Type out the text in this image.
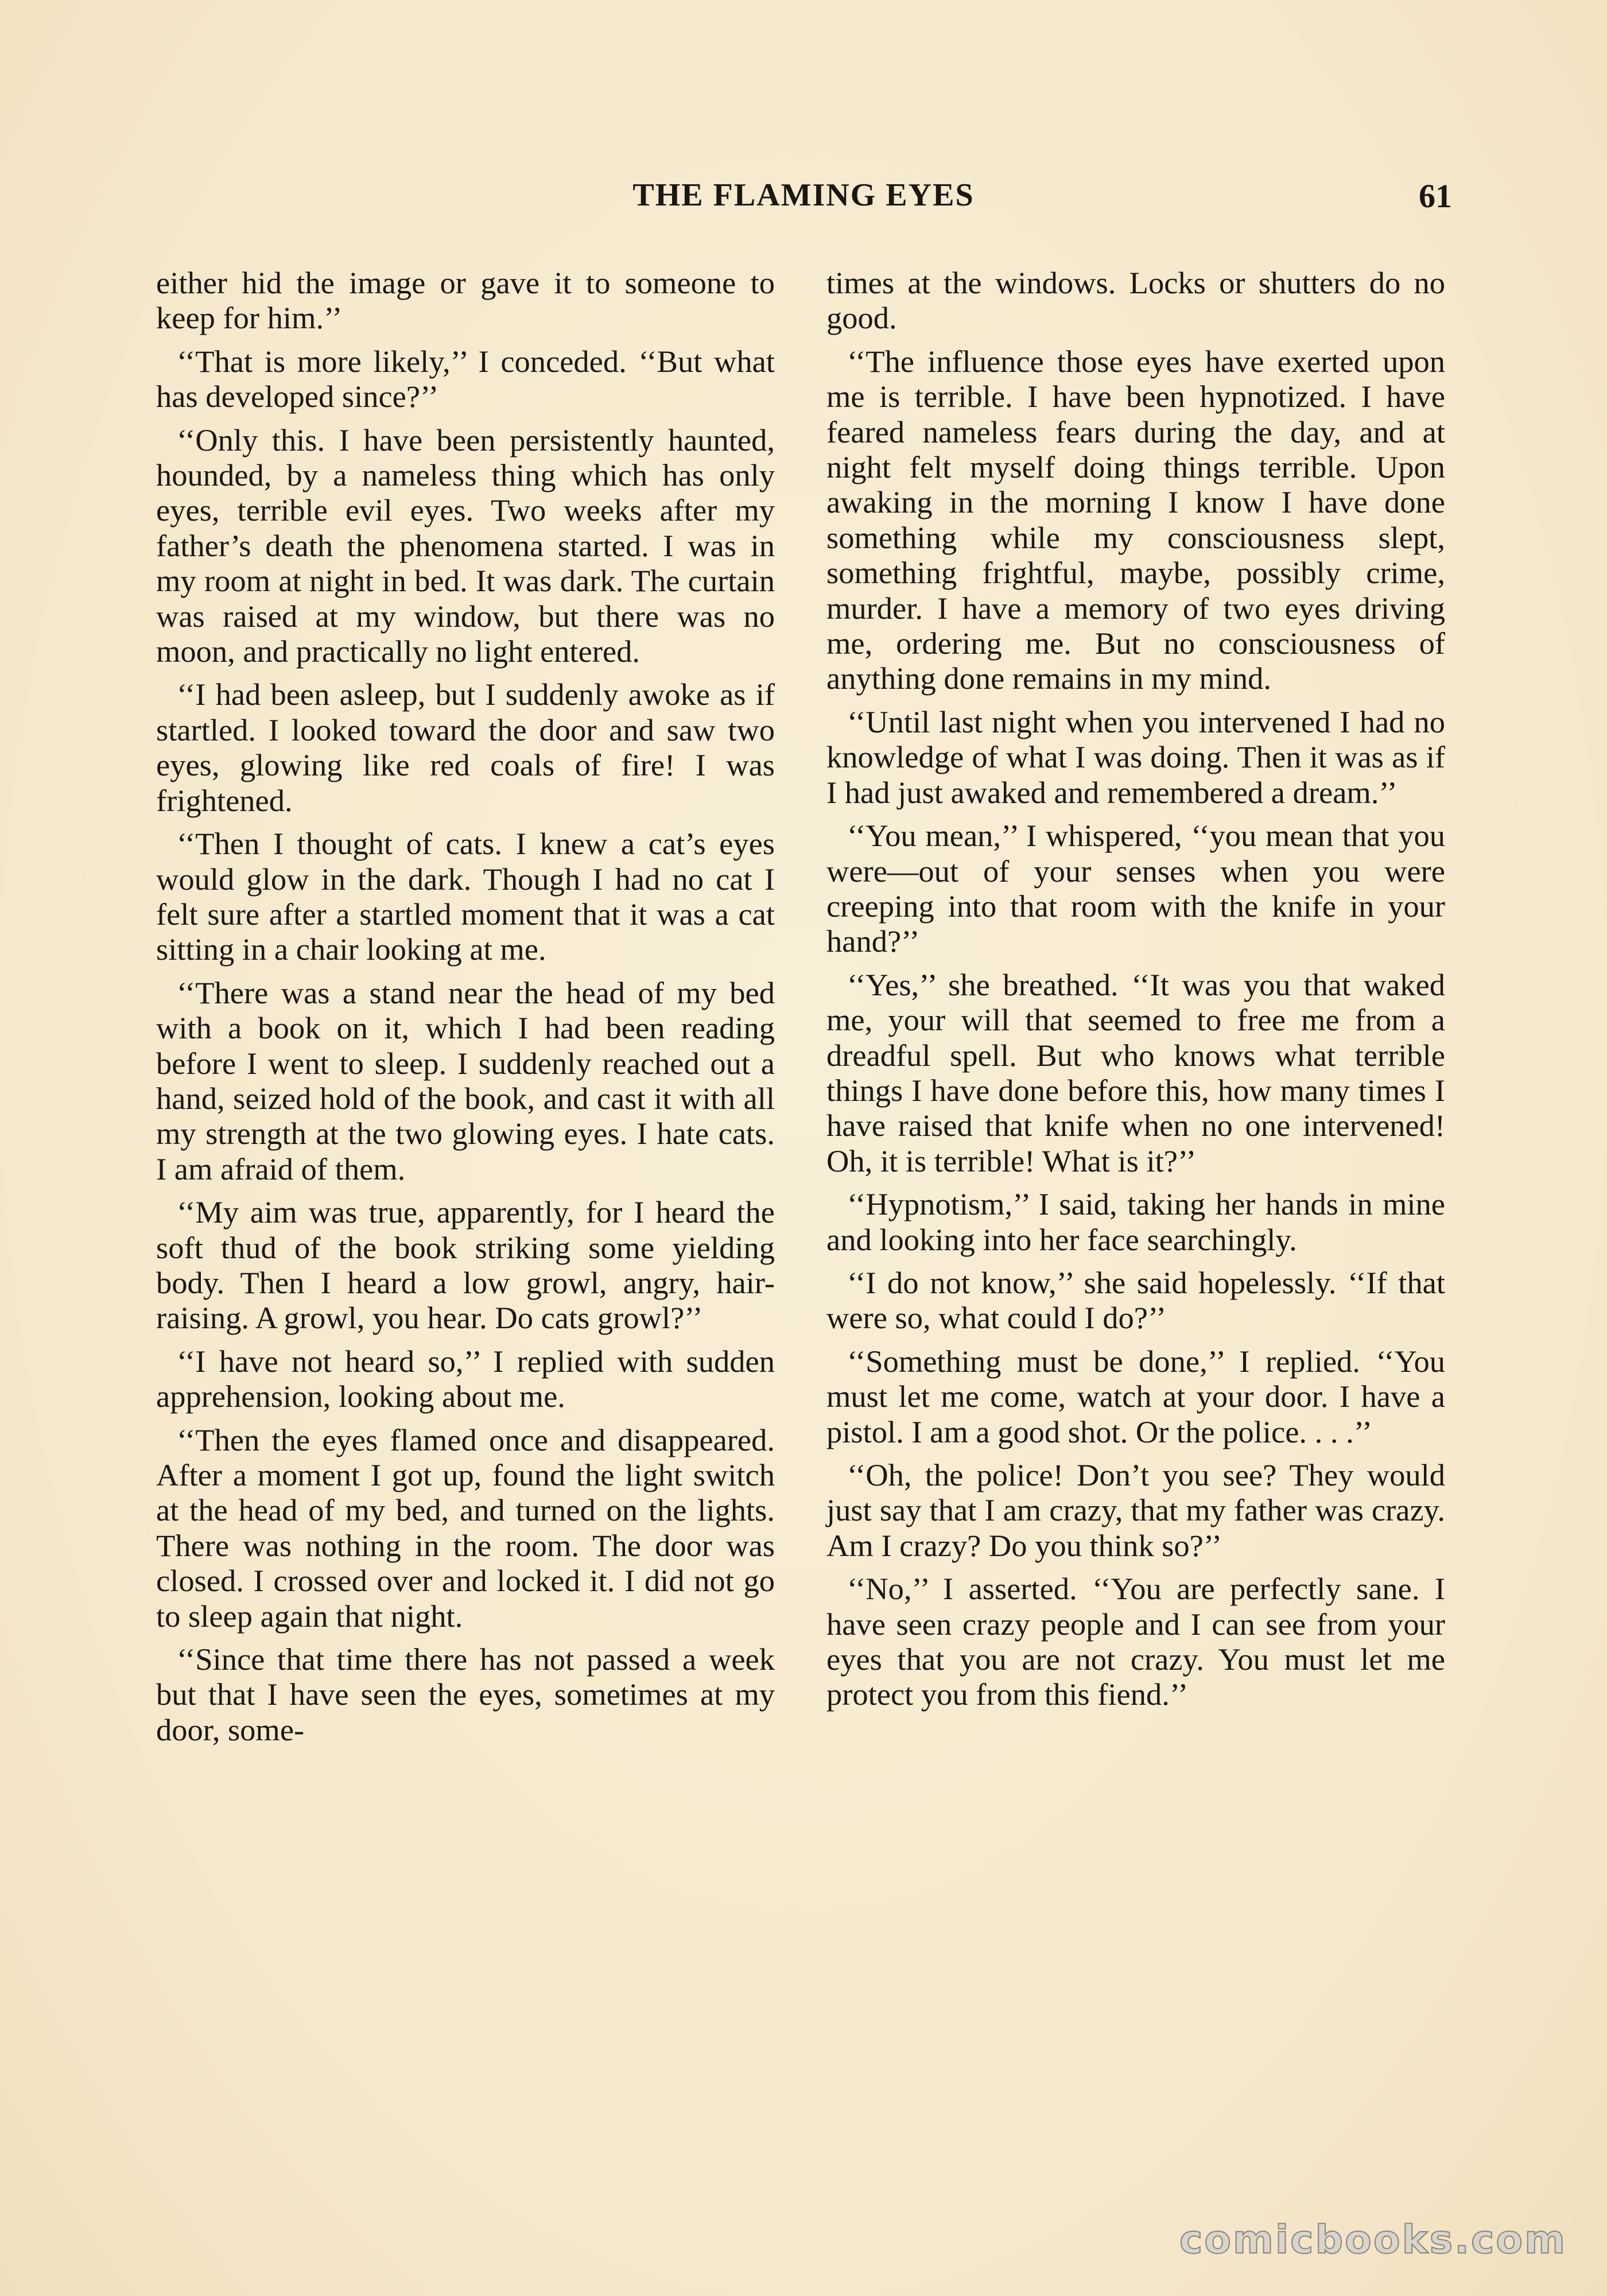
THE FLAMING EYES	61

either hid the image or gave it to someone to keep for him.’’

‘‘That is more likely,’’ I conceded. ‘‘But what has developed since?’’

‘‘Only this. I have been persistently haunted, hounded, by a nameless thing which has only eyes, terrible evil eyes. Two weeks after my father’s death the phenomena started. I was in my room at night in bed. It was dark. The curtain was raised at my window, but there was no moon, and practically no light entered.

‘‘I had been asleep, but I suddenly awoke as if startled. I looked toward the door and saw two eyes, glowing like red coals of fire! I was frightened.

‘‘Then I thought of cats. I knew a cat’s eyes would glow in the dark. Though I had no cat I felt sure after a startled moment that it was a cat sitting in a chair looking at me.

‘‘There was a stand near the head of my bed with a book on it, which I had been reading before I went to sleep. I suddenly reached out a hand, seized hold of the book, and cast it with all my strength at the two glowing eyes. I hate cats. I am afraid of them.

‘‘My aim was true, apparently, for I heard the soft thud of the book striking some yielding body. Then I heard a low growl, angry, hair-raising. A growl, you hear. Do cats growl?’’

‘‘I have not heard so,’’ I replied with sudden apprehension, looking about me.

‘‘Then the eyes flamed once and disappeared. After a moment I got up, found the light switch at the head of my bed, and turned on the lights. There was nothing in the room. The door was closed. I crossed over and locked it. I did not go to sleep again that night.

‘‘Since that time there has not passed a week but that I have seen the eyes, sometimes at my door, some-

times at the windows. Locks or shutters do no good.

‘‘The influence those eyes have exerted upon me is terrible. I have been hypnotized. I have feared nameless fears during the day, and at night felt myself doing things terrible. Upon awaking in the morning I know I have done something while my consciousness slept, something frightful, maybe, possibly crime, murder. I have a memory of two eyes driving me, ordering me. But no consciousness of anything done remains in my mind.

‘‘Until last night when you intervened I had no knowledge of what I was doing. Then it was as if I had just awaked and remembered a dream.’’

‘‘You mean,’’ I whispered, ‘‘you mean that you were—out of your senses when you were creeping into that room with the knife in your hand?’’

‘‘Yes,’’ she breathed. ‘‘It was you that waked me, your will that seemed to free me from a dreadful spell. But who knows what terrible things I have done before this, how many times I have raised that knife when no one intervened! Oh, it is terrible! What is it?’’

‘‘Hypnotism,’’ I said, taking her hands in mine and looking into her face searchingly.

‘‘I do not know,’’ she said hopelessly. ‘‘If that were so, what could I do?’’

‘‘Something must be done,’’ I replied. ‘‘You must let me come, watch at your door. I have a pistol. I am a good shot. Or the police. . . .’’

‘‘Oh, the police! Don’t you see? They would just say that I am crazy, that my father was crazy. Am I crazy? Do you think so?’’

‘‘No,’’ I asserted. ‘‘You are perfectly sane. I have seen crazy people and I can see from your eyes that you are not crazy. You must let me protect you from this fiend.’’

comicbooks.com
